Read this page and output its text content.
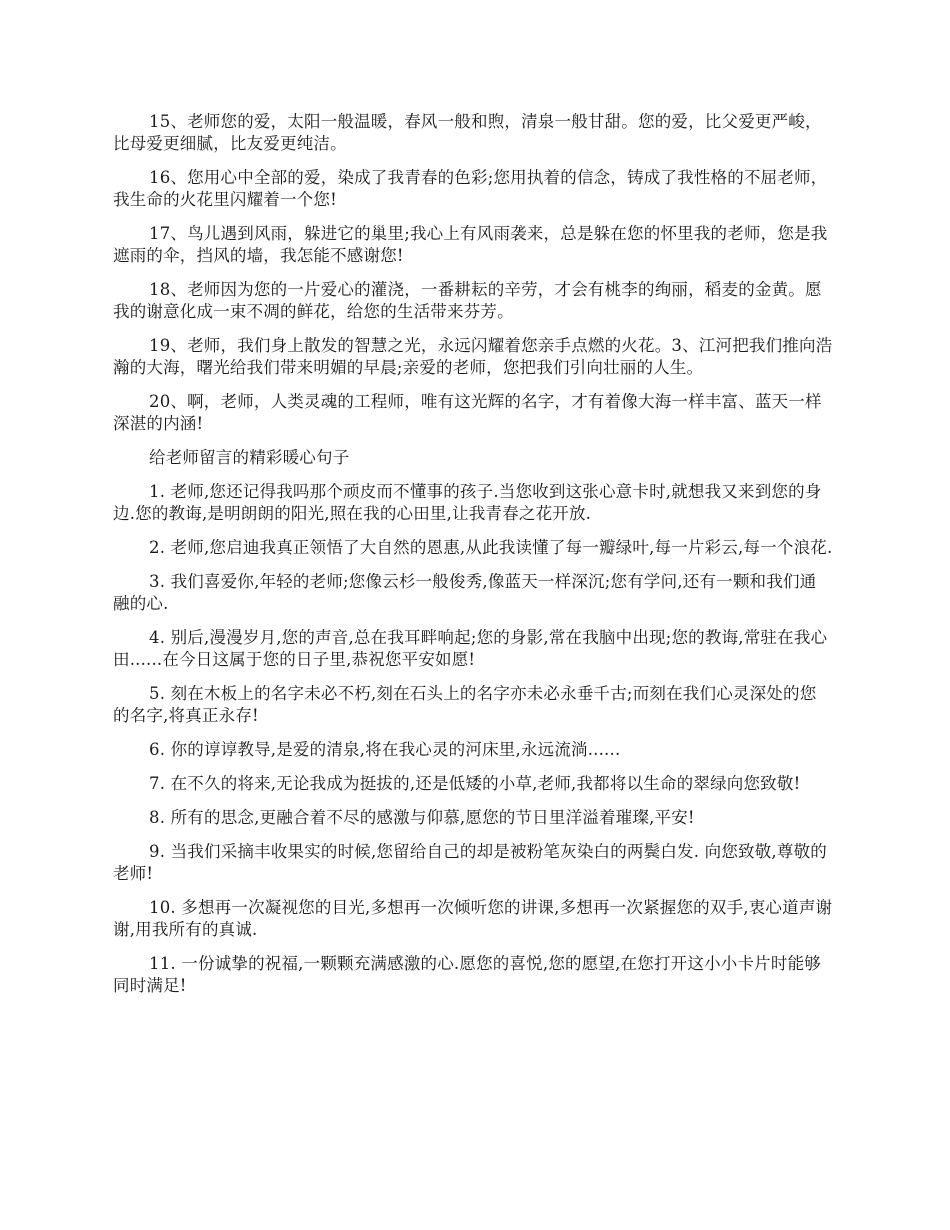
15、老师您的爱，太阳一般温暖，春风一般和煦，清泉一般甘甜。您的爱，比父爱更严峻，比母爱更细腻，比友爱更纯洁。

16、您用心中全部的爱，染成了我青春的色彩;您用执着的信念，铸成了我性格的不屈老师，我生命的火花里闪耀着一个您!

17、鸟儿遇到风雨，躲进它的巢里;我心上有风雨袭来，总是躲在您的怀里我的老师，您是我遮雨的伞，挡风的墙，我怎能不感谢您!

18、老师因为您的一片爱心的灌浇，一番耕耘的辛劳，才会有桃李的绚丽，稻麦的金黄。愿我的谢意化成一束不凋的鲜花，给您的生活带来芬芳。

19、老师，我们身上散发的智慧之光，永远闪耀着您亲手点燃的火花。3、江河把我们推向浩瀚的大海，曙光给我们带来明媚的早晨;亲爱的老师，您把我们引向壮丽的人生。

20、啊，老师，人类灵魂的工程师，唯有这光辉的名字，才有着像大海一样丰富、蓝天一样深湛的内涵!

给老师留言的精彩暖心句子

1. 老师,您还记得我吗那个顽皮而不懂事的孩子.当您收到这张心意卡时,就想我又来到您的身边.您的教诲,是明朗朗的阳光,照在我的心田里,让我青春之花开放.

2. 老师,您启迪我真正领悟了大自然的恩惠,从此我读懂了每一瓣绿叶,每一片彩云,每一个浪花.

3. 我们喜爱你,年轻的老师;您像云杉一般俊秀,像蓝天一样深沉;您有学问,还有一颗和我们通融的心.

4. 别后,漫漫岁月,您的声音,总在我耳畔响起;您的身影,常在我脑中出现;您的教诲,常驻在我心田......在今日这属于您的日子里,恭祝您平安如愿!

5. 刻在木板上的名字未必不朽,刻在石头上的名字亦未必永垂千古;而刻在我们心灵深处的您的名字,将真正永存!

6. 你的谆谆教导,是爱的清泉,将在我心灵的河床里,永远流淌......

7. 在不久的将来,无论我成为挺拔的,还是低矮的小草,老师,我都将以生命的翠绿向您致敬!

8. 所有的思念,更融合着不尽的感激与仰慕,愿您的节日里洋溢着璀璨,平安!

9. 当我们采摘丰收果实的时候,您留给自己的却是被粉笔灰染白的两鬓白发. 向您致敬,尊敬的老师!

10. 多想再一次凝视您的目光,多想再一次倾听您的讲课,多想再一次紧握您的双手,衷心道声谢谢,用我所有的真诚.

11. 一份诚挚的祝福,一颗颗充满感激的心.愿您的喜悦,您的愿望,在您打开这小小卡片时能够同时满足!
